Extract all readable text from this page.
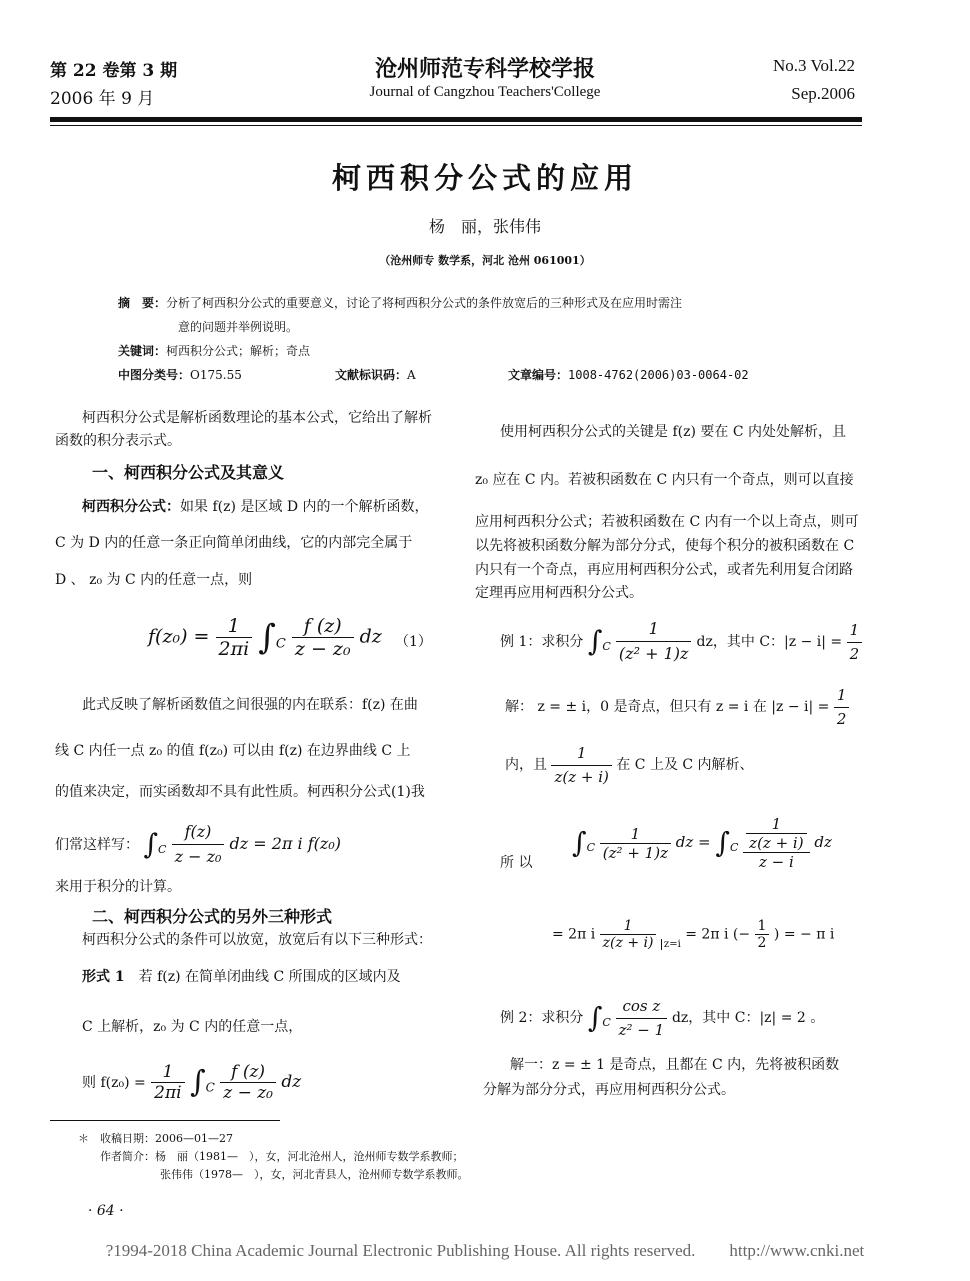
第 22 卷第 3 期
2006 年 9 月
沧州师范专科学校学报
Journal of Cangzhou Teachers'College
No.3 Vol.22
Sep.2006
柯西积分公式的应用
杨　丽，张伟伟
（沧州师专 数学系，河北 沧州 061001）
摘　要：分析了柯西积分公式的重要意义，讨论了将柯西积分公式的条件放宽后的三种形式及在应用时需注
意的问题并举例说明。
关键词：柯西积分公式；解析；奇点
中图分类号：O175.55	文献标识码：A	文章编号：1008-4762(2006)03-0064-02
柯西积分公式是解析函数理论的基本公式，它给出了解析
函数的积分表示式。
一、柯西积分公式及其意义
柯西积分公式：如果 f(z) 是区域 D 内的一个解析函数，
C 为 D 内的任意一条正向简单闭曲线，它的内部完全属于
D 、 z₀ 为 C 内的任意一点，则
$f(z_0) = \frac{1}{2\pi i} \int_C \frac{f (z)}{\text{z − z₀}}$ dz （1）
此式反映了解析函数值之间很强的内在联系：f(z) 在曲
线 C 内任一点 z₀ 的值 f(z₀) 可以由 f(z) 在边界曲线 C 上
的值来决定，而实函数却不具有此性质。柯西积分公式(1)我
们常这样写： $\int_C \frac{f(z)}{\text{z − z₀}}$ dz = 2π i f(z₀)
来用于积分的计算。
二、柯西积分公式的另外三种形式
柯西积分公式的条件可以放宽，放宽后有以下三种形式：
形式 1　 若 f(z) 在简单闭曲线 C 所围成的区域内及
C 上解析，z₀ 为 C 内的任意一点，
则 $f(z_0) = \frac{1}{2\pi i} \int_C \frac{f (z)}{\text{z − z₀}}$ dz
使用柯西积分公式的关键是 f(z) 要在 C 内处处解析，且
z₀ 应在 C 内。若被积函数在 C 内只有一个奇点，则可以直接
应用柯西积分公式；若被积函数在 C 内有一个以上奇点，则可
以先将被积函数分解为部分分式，使每个积分的被积函数在 C
内只有一个奇点，再应用柯西积分公式，或者先利用复合闭路
定理再应用柯西积分公式。
例 1：求积分 $\int_C \frac{1}{\text{(z² + 1)z}}$ dz，其中 C：$|z - i| = \frac{1}{2}$
解： z = ± i，0 是奇点，但只有 z = i 在 $|z - i| = \frac{1}{2}$
内，且 $\frac{1}{z(z + i)}$ 在 C 上及 C 内解析、
所 以
$\int_C \frac{1}{\text{(z² + 1)z}}$ dz = $\int_C \frac{\frac{1}{z(z + i)}}{z - i}$ dz
= 2π i $\frac{1}{z(z + i)} _{z=i} = 2\pi$ i (− $\frac{1}{2}$ ) = − π i
例 2：求积分 $\int_C \frac{\text{cos z}}{\text{z² − 1}}$ dz，其中 C：|z| = 2 。
解一：z = ± 1 是奇点，且都在 C 内，先将被积函数
分解为部分分式，再应用柯西积分公式。
＊　收稿日期：2006—01—27
作者简介：杨　丽（1981—　），女，河北沧州人，沧州师专数学系教师；
张伟伟（1978—　），女，河北青县人，沧州师专数学系教师。
· 64 ·
?1994-2018 China Academic Journal Electronic Publishing House. All rights reserved.　　http://www.cnki.net
